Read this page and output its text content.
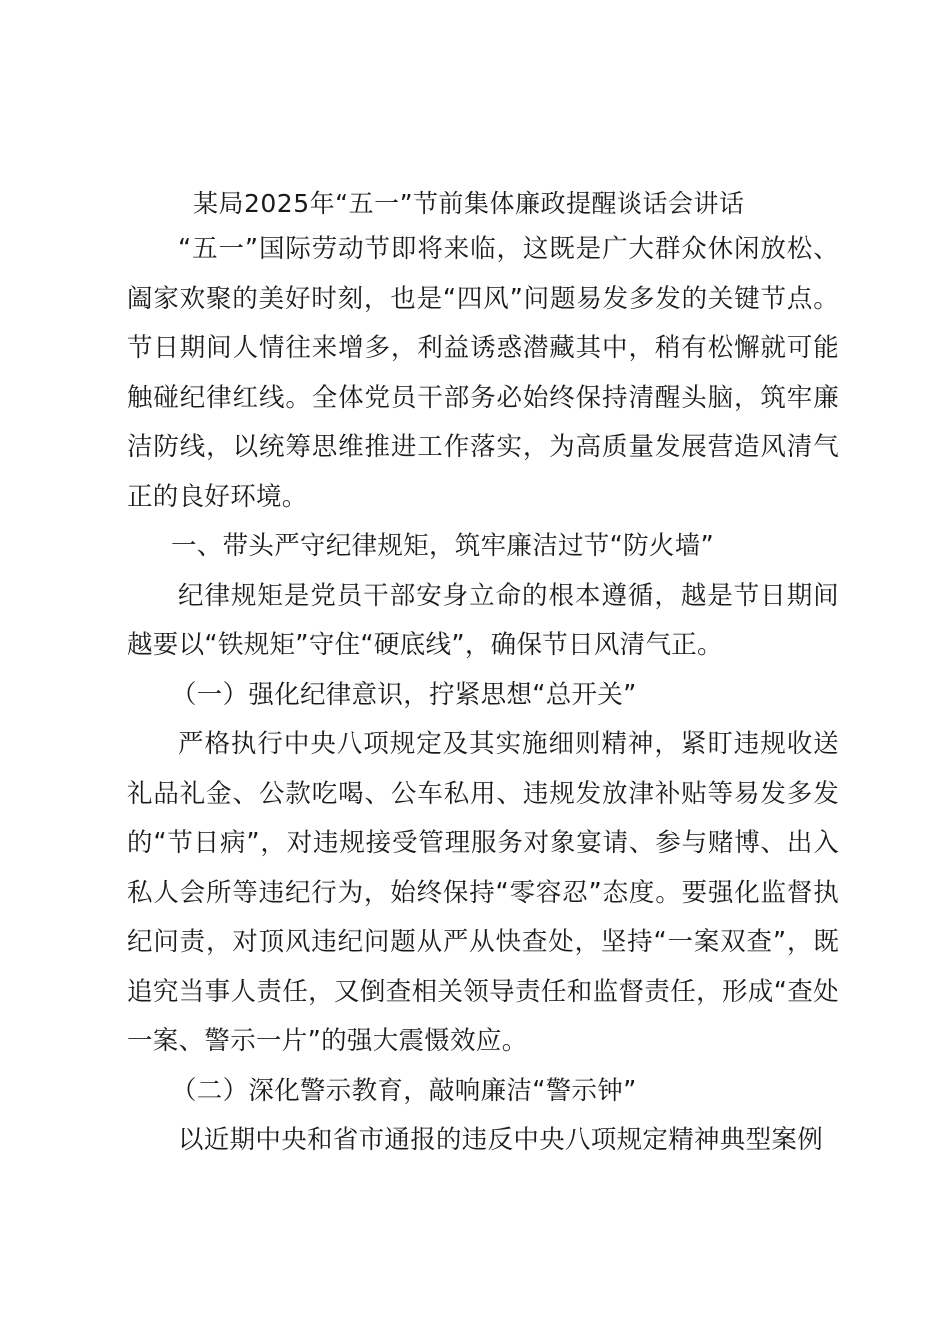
某局2025年“五一”节前集体廉政提醒谈话会讲话

“五一”国际劳动节即将来临，这既是广大群众休闲放松、阖家欢聚的美好时刻，也是“四风”问题易发多发的关键节点。节日期间人情往来增多，利益诱惑潜藏其中，稍有松懈就可能触碰纪律红线。全体党员干部务必始终保持清醒头脑，筑牢廉洁防线，以统筹思维推进工作落实，为高质量发展营造风清气正的良好环境。

一、带头严守纪律规矩，筑牢廉洁过节“防火墙”

纪律规矩是党员干部安身立命的根本遵循，越是节日期间越要以“铁规矩”守住“硬底线”，确保节日风清气正。

（一）强化纪律意识，拧紧思想“总开关”

严格执行中央八项规定及其实施细则精神，紧盯违规收送礼品礼金、公款吃喝、公车私用、违规发放津补贴等易发多发的“节日病”，对违规接受管理服务对象宴请、参与赌博、出入私人会所等违纪行为，始终保持“零容忍”态度。要强化监督执纪问责，对顶风违纪问题从严从快查处，坚持“一案双查”，既追究当事人责任，又倒查相关领导责任和监督责任，形成“查处一案、警示一片”的强大震慑效应。

（二）深化警示教育，敲响廉洁“警示钟”

以近期中央和省市通报的违反中央八项规定精神典型案例
